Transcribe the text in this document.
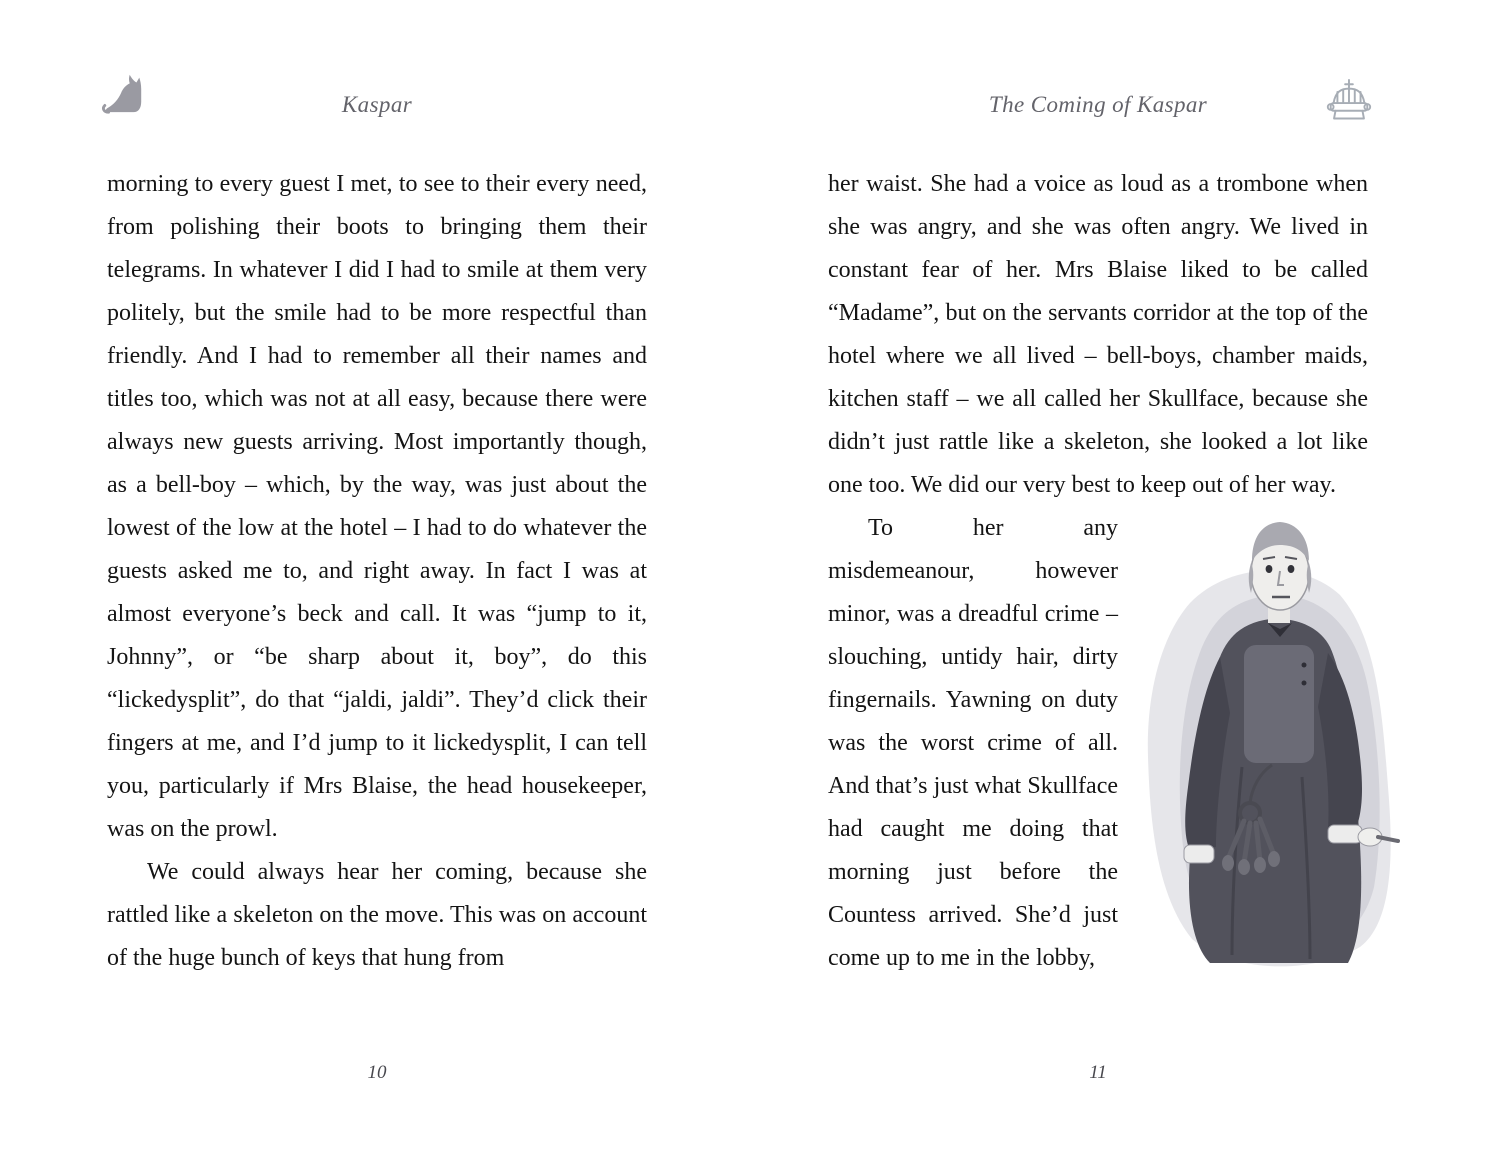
Kaspar	The Coming of Kaspar

morning to every guest I met, to see to their every need, from polishing their boots to bringing them their telegrams. In whatever I did I had to smile at them very politely, but the smile had to be more respectful than friendly. And I had to remember all their names and titles too, which was not at all easy, because there were always new guests arriving. Most importantly though, as a bell-boy – which, by the way, was just about the lowest of the low at the hotel – I had to do whatever the guests asked me to, and right away. In fact I was at almost everyone’s beck and call. It was “jump to it, Johnny”, or “be sharp about it, boy”, do this “lickedysplit”, do that “jaldi, jaldi”. They’d click their fingers at me, and I’d jump to it lickedysplit, I can tell you, particularly if Mrs Blaise, the head housekeeper, was on the prowl.

We could always hear her coming, because she rattled like a skeleton on the move. This was on account of the huge bunch of keys that hung from

her waist. She had a voice as loud as a trombone when she was angry, and she was often angry. We lived in constant fear of her. Mrs Blaise liked to be called “Madame”, but on the servants corridor at the top of the hotel where we all lived – bell-boys, chamber maids, kitchen staff – we all called her Skullface, because she didn’t just rattle like a skeleton, she looked a lot like one too. We did our very best to keep out of her way.

To her any misdemeanour, however minor, was a dreadful crime – slouching, untidy hair, dirty fingernails. Yawning on duty was the worst crime of all. And that’s just what Skullface had caught me doing that morning just before the Countess arrived. She’d just come up to me in the lobby,
10	11
